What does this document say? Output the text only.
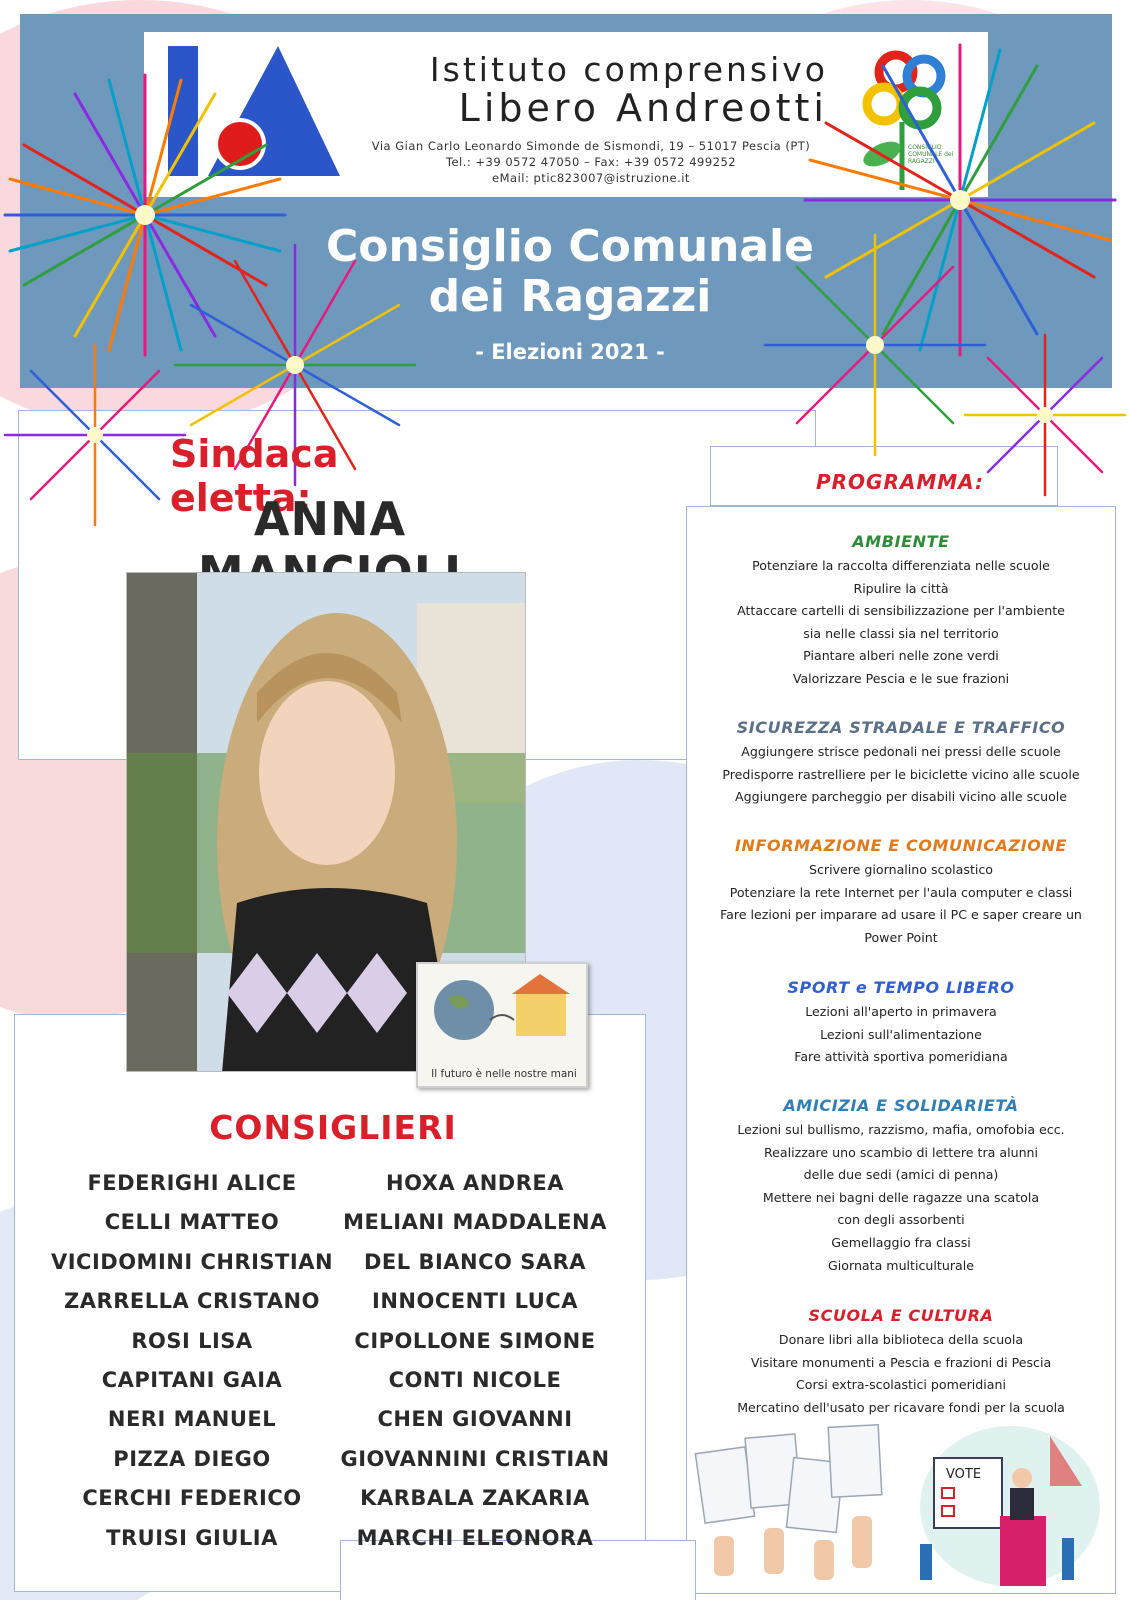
Istituto comprensivo
Libero Andreotti
Via Gian Carlo Leonardo Simonde de Sismondi, 19 – 51017 Pescia (PT)
Tel.: +39 0572 47050 – Fax: +39 0572 499252
eMail: ptic823007@istruzione.it
CONSIGLIO COMUNALE dei RAGAZZI
Consiglio Comunale
dei Ragazzi
- Elezioni 2021 -
Sindaca eletta:
ANNA
Il futuro è nelle nostre mani
CONSIGLIERI
FEDERIGHI ALICE
CELLI MATTEO
VICIDOMINI CHRISTIAN
ZARRELLA CRISTANO
ROSI LISA
CAPITANI GAIA
NERI MANUEL
PIZZA DIEGO
CERCHI FEDERICO
TRUISI GIULIA
HOXA ANDREA
MELIANI MADDALENA
DEL BIANCO SARA
INNOCENTI LUCA
CIPOLLONE SIMONE
CONTI NICOLE
CHEN GIOVANNI
GIOVANNINI CRISTIAN
KARBALA ZAKARIA
MARCHI ELEONORA
PROGRAMMA:
AMBIENTE

Potenziare la raccolta differenziata nelle scuole

Ripulire la città

Attaccare cartelli di sensibilizzazione per l'ambiente

sia nelle classi sia nel territorio

Piantare alberi nelle zone verdi

Valorizzare Pescia e le sue frazioni

SICUREZZA STRADALE E TRAFFICO

Aggiungere strisce pedonali nei pressi delle scuole

Predisporre rastrelliere per le biciclette vicino alle scuole

Aggiungere parcheggio per disabili vicino alle scuole

INFORMAZIONE E COMUNICAZIONE

Scrivere giornalino scolastico

Potenziare la rete Internet per l'aula computer e classi

Fare lezioni per imparare ad usare il PC e saper creare un

Power Point

SPORT e TEMPO LIBERO

Lezioni all'aperto in primavera

Lezioni sull'alimentazione

Fare attività sportiva pomeridiana

AMICIZIA E SOLIDARIETÀ

Lezioni sul bullismo, razzismo, mafia, omofobia ecc.

Realizzare uno scambio di lettere tra alunni

delle due sedi (amici di penna)

Mettere nei bagni delle ragazze una scatola

con degli assorbenti

Gemellaggio fra classi

Giornata multiculturale

SCUOLA E CULTURA

Donare libri alla biblioteca della scuola

Visitare monumenti a Pescia e frazioni di Pescia

Corsi extra-scolastici pomeridiani

Mercatino dell'usato per ricavare fondi per la scuola

VOTE
